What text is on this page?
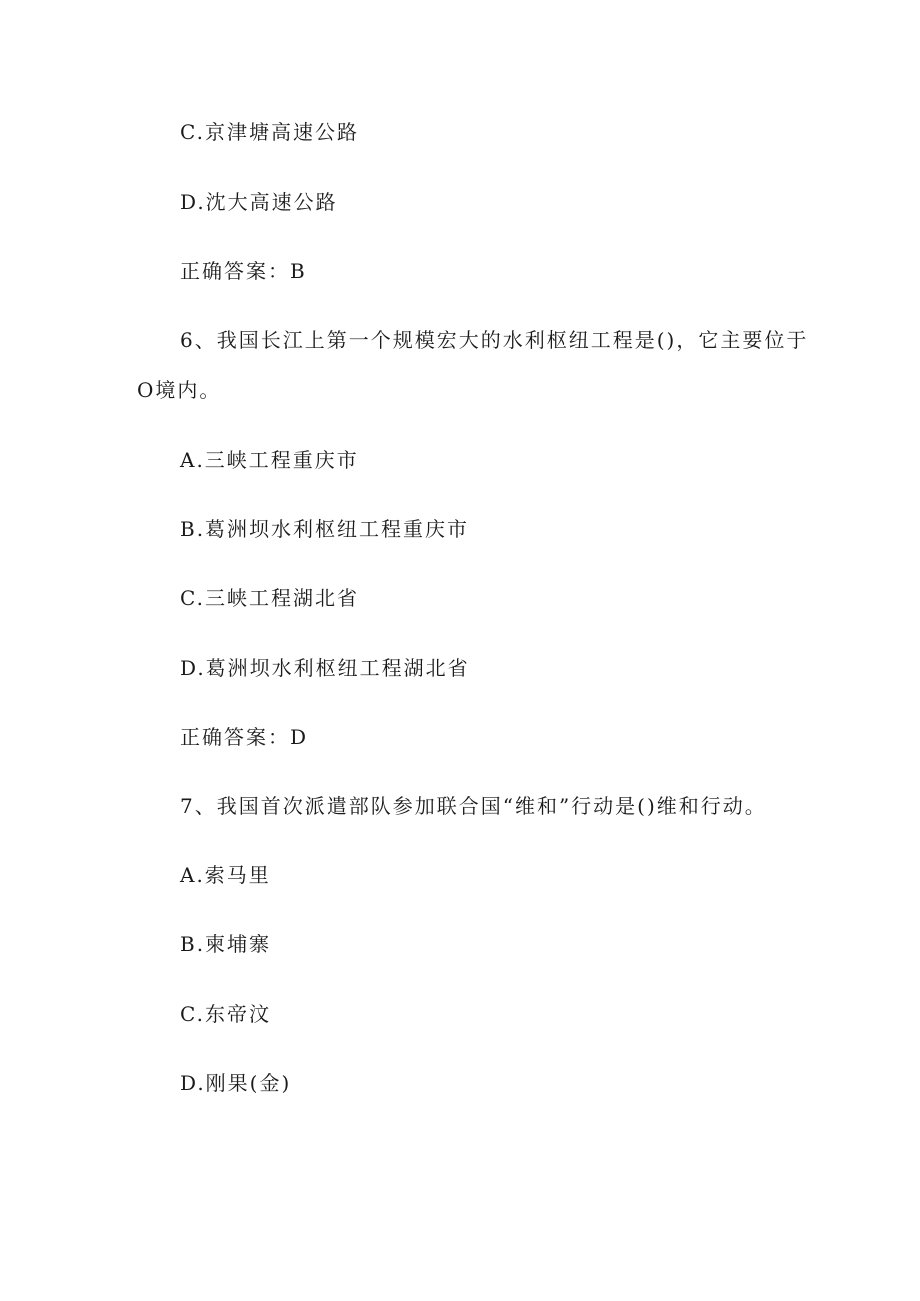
C.京津塘高速公路
D.沈大高速公路
正确答案：B
6、我国长江上第一个规模宏大的水利枢纽工程是()，它主要位于
O境内。
A.三峡工程重庆市
B.葛洲坝水利枢纽工程重庆市
C.三峡工程湖北省
D.葛洲坝水利枢纽工程湖北省
正确答案：D
7、我国首次派遣部队参加联合国“维和”行动是()维和行动。
A.索马里
B.柬埔寨
C.东帝汶
D.刚果(金)
